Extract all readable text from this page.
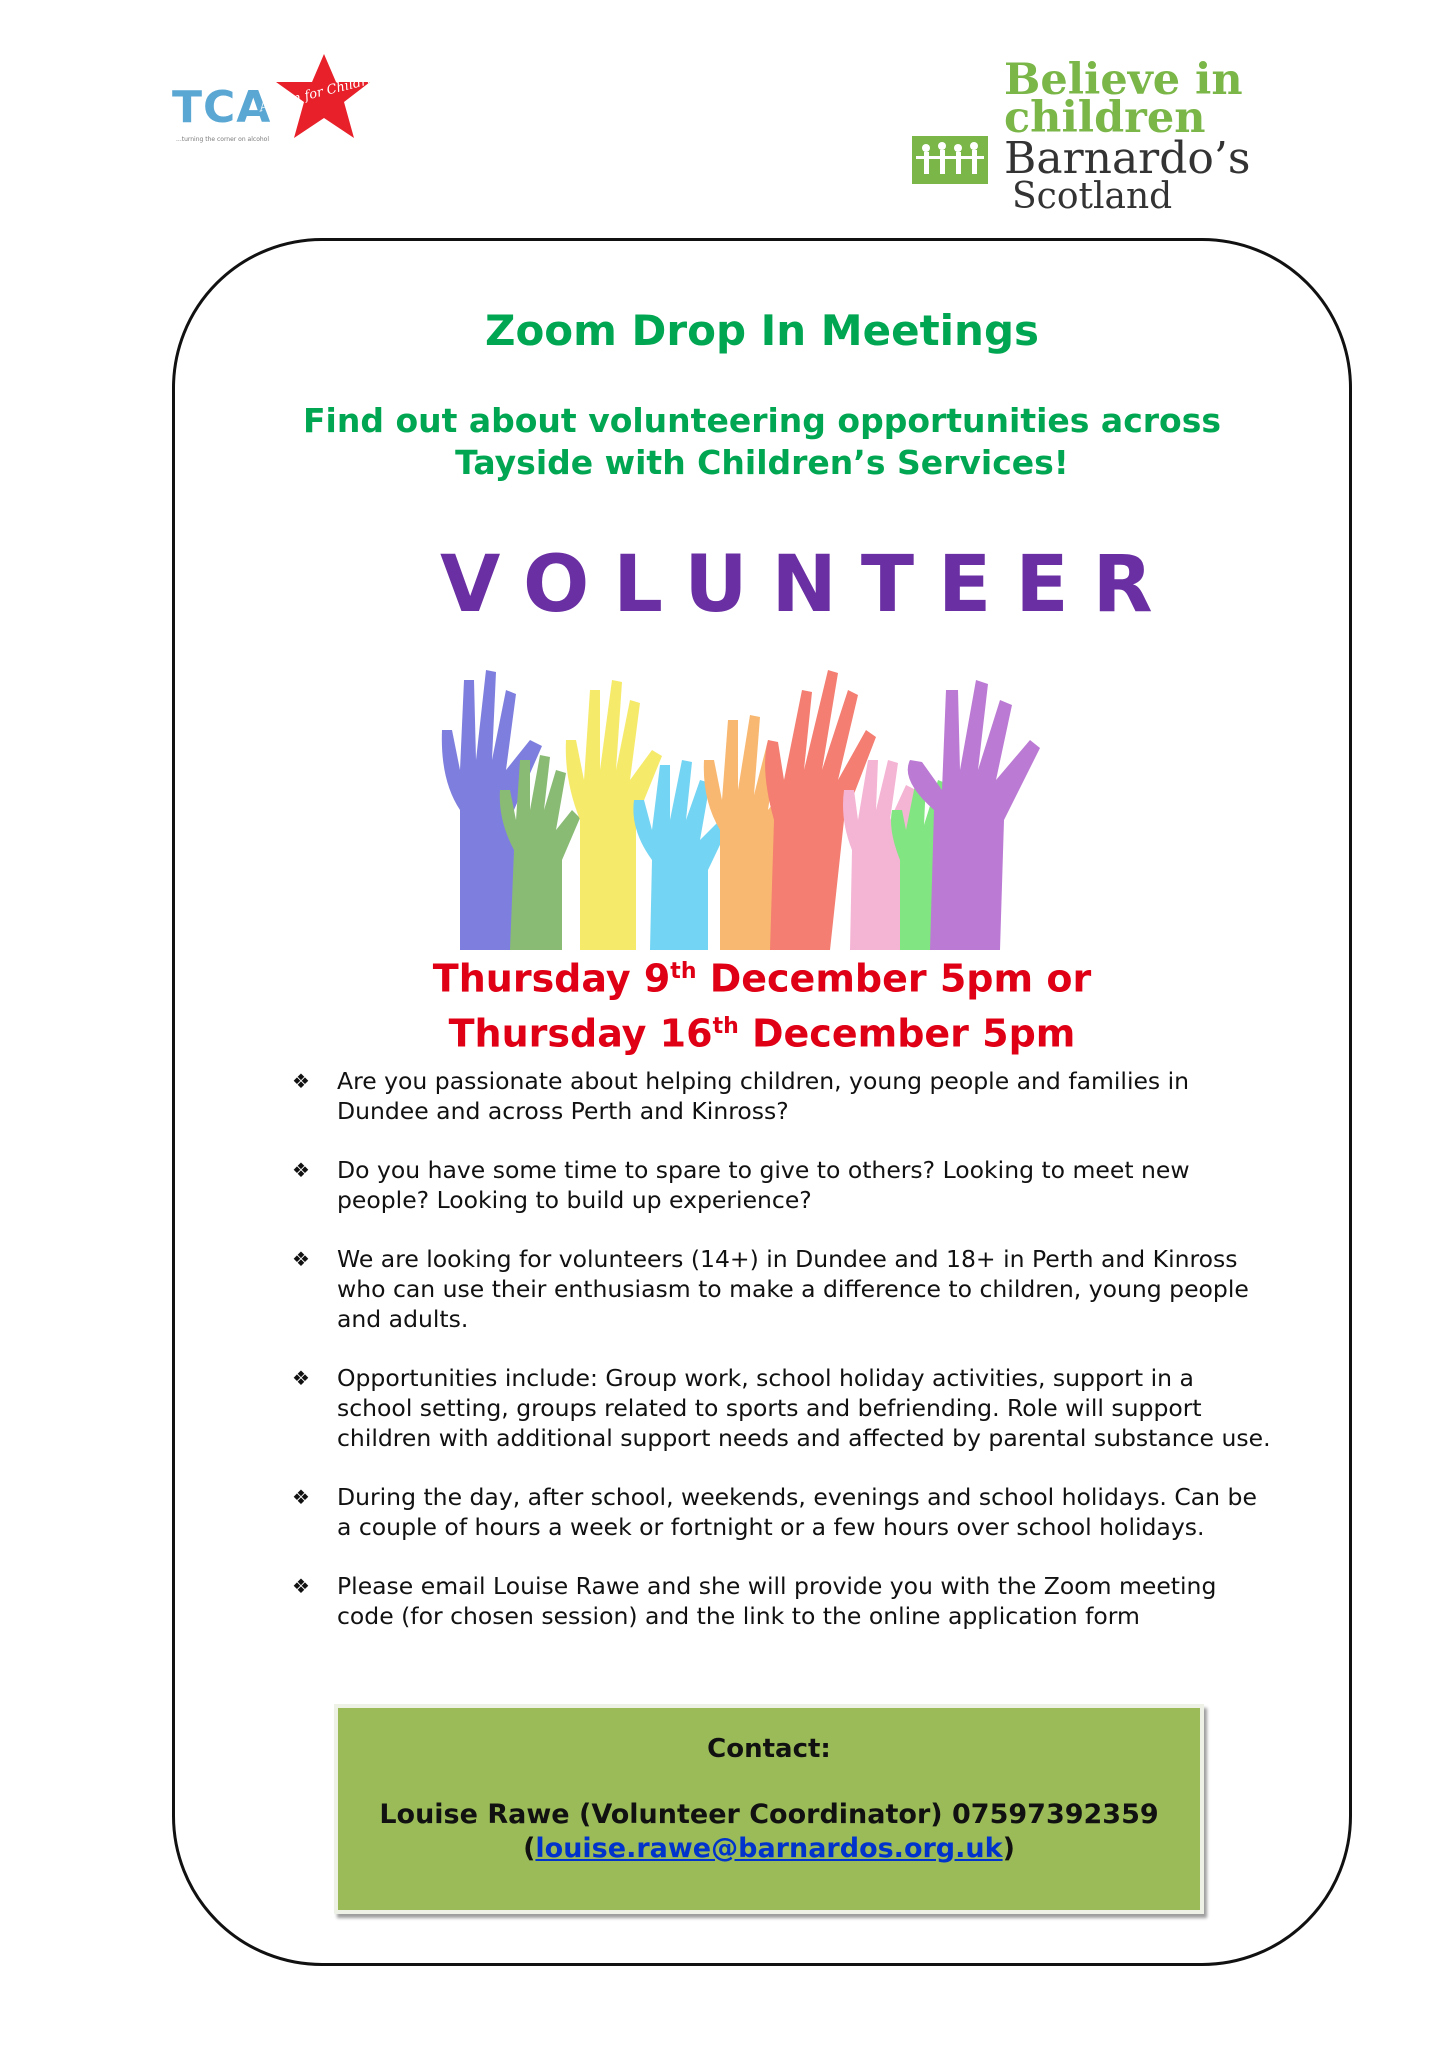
TCA
...turning the corner on alcohol
Action for Children	Believe in
children
Barnardo’s
Scotland
Zoom Drop In Meetings
Find out about volunteering opportunities across
Tayside with Children’s Services!
VOLUNTEER
Thursday 9th December 5pm or
Thursday 16th December 5pm
❖ Are you passionate about helping children, young people and families in Dundee and across Perth and Kinross?
❖ Do you have some time to spare to give to others? Looking to meet new people? Looking to build up experience?
❖ We are looking for volunteers (14+) in Dundee and 18+ in Perth and Kinross who can use their enthusiasm to make a difference to children, young people and adults.
❖ Opportunities include: Group work, school holiday activities, support in a school setting, groups related to sports and befriending. Role will support children with additional support needs and affected by parental substance use.
❖ During the day, after school, weekends, evenings and school holidays. Can be a couple of hours a week or fortnight or a few hours over school holidays.
❖ Please email Louise Rawe and she will provide you with the Zoom meeting code (for chosen session) and the link to the online application form
Contact:
Louise Rawe (Volunteer Coordinator) 07597392359
(louise.rawe@barnardos.org.uk)
